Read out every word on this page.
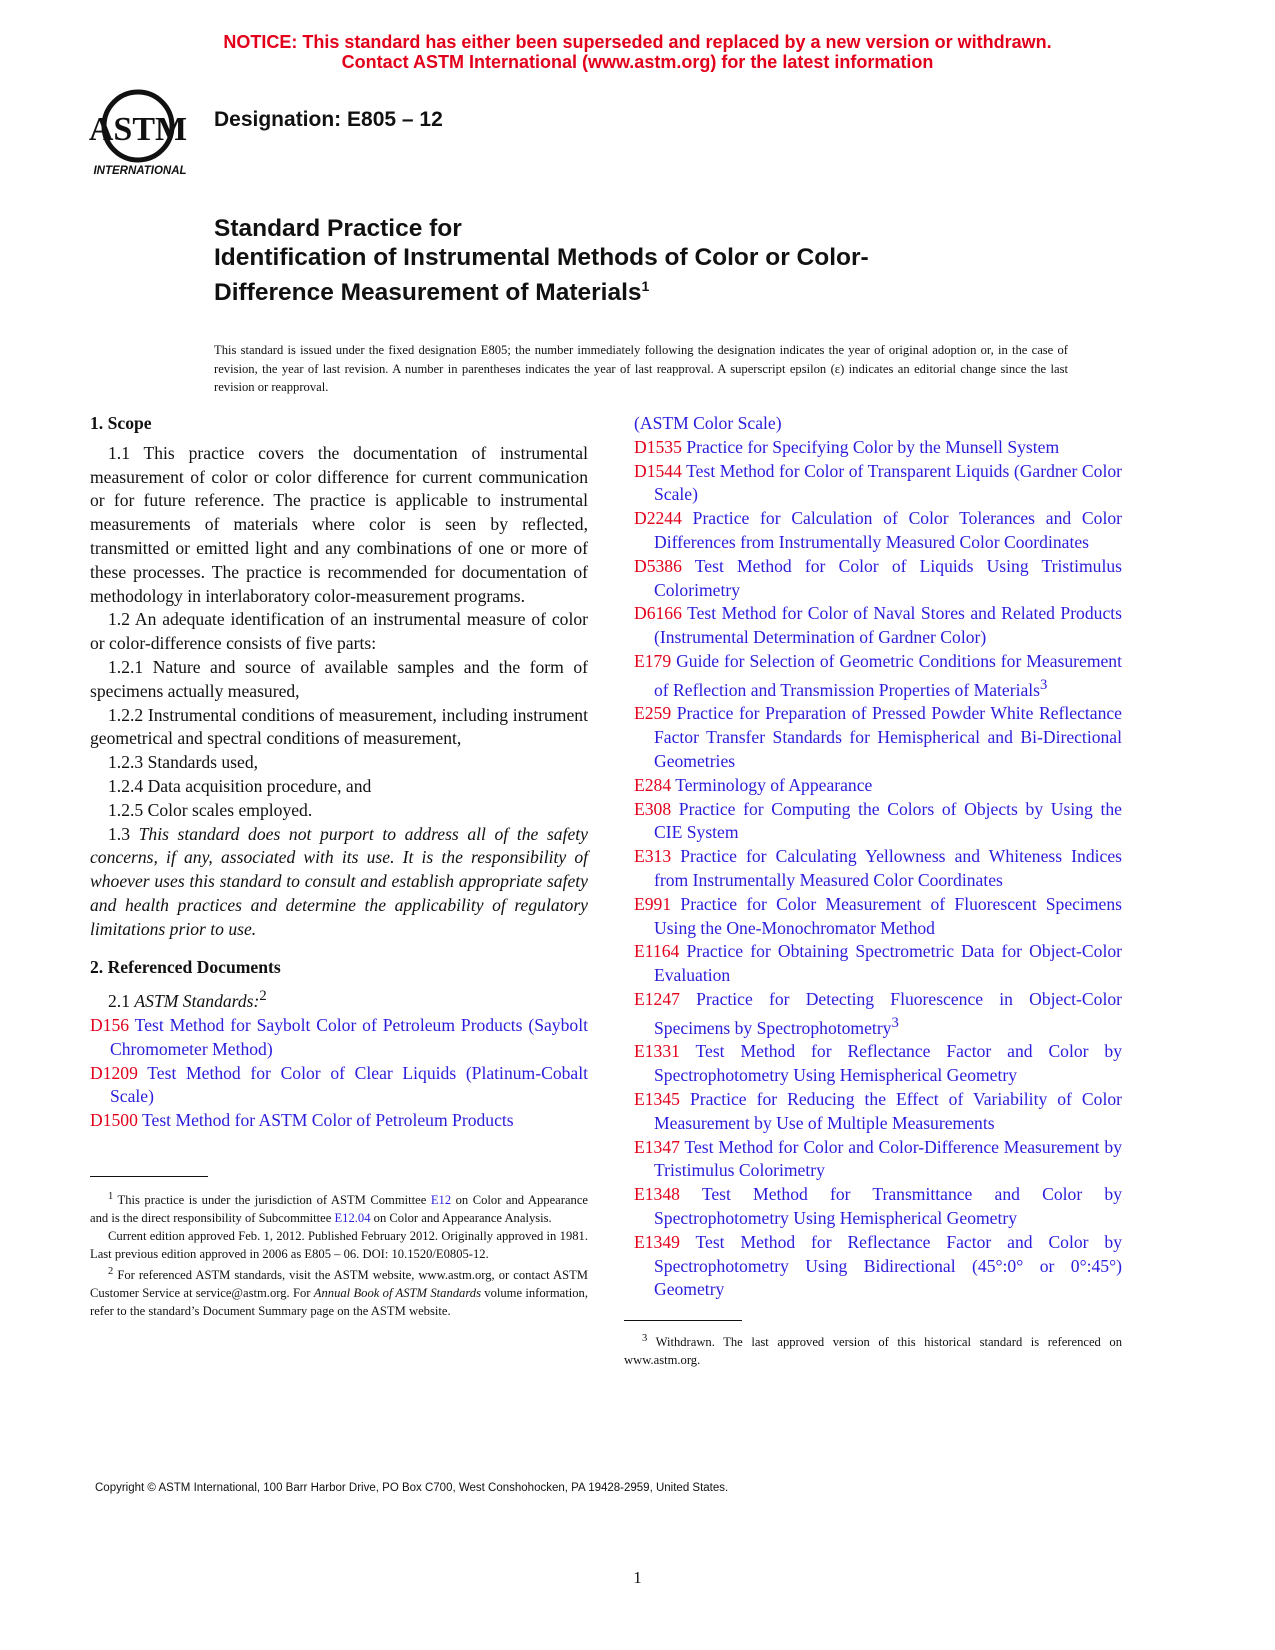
NOTICE: This standard has either been superseded and replaced by a new version or withdrawn.
Contact ASTM International (www.astm.org) for the latest information
ASTM
INTERNATIONAL
Designation: E805 – 12
Standard Practice for
Identification of Instrumental Methods of Color or Color-
Difference Measurement of Materials$^1$
This standard is issued under the fixed designation E805; the number immediately following the designation indicates the year of original adoption or, in the case of revision, the year of last revision. A number in parentheses indicates the year of last reapproval. A superscript epsilon (ε) indicates an editorial change since the last revision or reapproval.

1. Scope

1.1 This practice covers the documentation of instrumental measurement of color or color difference for current communication or for future reference. The practice is applicable to instrumental measurements of materials where color is seen by reflected, transmitted or emitted light and any combinations of one or more of these processes. The practice is recommended for documentation of methodology in interlaboratory color-measurement programs.

1.2 An adequate identification of an instrumental measure of color or color-difference consists of five parts:

1.2.1 Nature and source of available samples and the form of specimens actually measured,

1.2.2 Instrumental conditions of measurement, including instrument geometrical and spectral conditions of measurement,

1.2.3 Standards used,

1.2.4 Data acquisition procedure, and

1.2.5 Color scales employed.

1.3 This standard does not purport to address all of the safety concerns, if any, associated with its use. It is the responsibility of whoever uses this standard to consult and establish appropriate safety and health practices and determine the applicability of regulatory limitations prior to use.

2. Referenced Documents

2.1 ASTM Standards:$^2$

D156 Test Method for Saybolt Color of Petroleum Products (Saybolt Chromometer Method)

D1209 Test Method for Color of Clear Liquids (Platinum-Cobalt Scale)

D1500 Test Method for ASTM Color of Petroleum Products

$^1$ This practice is under the jurisdiction of ASTM Committee E12 on Color and Appearance and is the direct responsibility of Subcommittee E12.04 on Color and Appearance Analysis.

Current edition approved Feb. 1, 2012. Published February 2012. Originally approved in 1981. Last previous edition approved in 2006 as E805 – 06. DOI: 10.1520/E0805-12.

$^2$ For referenced ASTM standards, visit the ASTM website, www.astm.org, or contact ASTM Customer Service at service@astm.org. For Annual Book of ASTM Standards volume information, refer to the standard’s Document Summary page on the ASTM website.

(ASTM Color Scale)

D1535 Practice for Specifying Color by the Munsell System

D1544 Test Method for Color of Transparent Liquids (Gardner Color Scale)

D2244 Practice for Calculation of Color Tolerances and Color Differences from Instrumentally Measured Color Coordinates

D5386 Test Method for Color of Liquids Using Tristimulus Colorimetry

D6166 Test Method for Color of Naval Stores and Related Products (Instrumental Determination of Gardner Color)

E179 Guide for Selection of Geometric Conditions for Measurement of Reflection and Transmission Properties of Materials$^3$

E259 Practice for Preparation of Pressed Powder White Reflectance Factor Transfer Standards for Hemispherical and Bi-Directional Geometries

E284 Terminology of Appearance

E308 Practice for Computing the Colors of Objects by Using the CIE System

E313 Practice for Calculating Yellowness and Whiteness Indices from Instrumentally Measured Color Coordinates

E991 Practice for Color Measurement of Fluorescent Specimens Using the One-Monochromator Method

E1164 Practice for Obtaining Spectrometric Data for Object-Color Evaluation

E1247 Practice for Detecting Fluorescence in Object-Color Specimens by Spectrophotometry$^3$

E1331 Test Method for Reflectance Factor and Color by Spectrophotometry Using Hemispherical Geometry

E1345 Practice for Reducing the Effect of Variability of Color Measurement by Use of Multiple Measurements

E1347 Test Method for Color and Color-Difference Measurement by Tristimulus Colorimetry

E1348 Test Method for Transmittance and Color by Spectrophotometry Using Hemispherical Geometry

E1349 Test Method for Reflectance Factor and Color by Spectrophotometry Using Bidirectional (45°:0° or 0°:45°) Geometry

$^3$ Withdrawn. The last approved version of this historical standard is referenced on www.astm.org.

Copyright © ASTM International, 100 Barr Harbor Drive, PO Box C700, West Conshohocken, PA 19428-2959, United States.
1
